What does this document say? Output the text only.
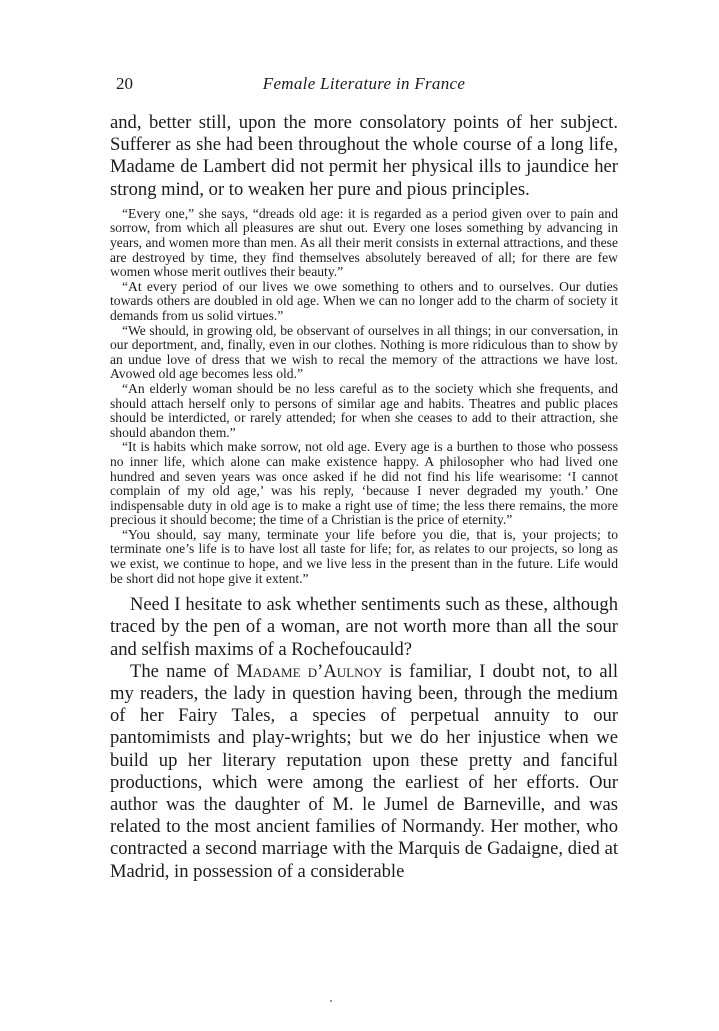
20	Female Literature in France

and, better still, upon the more consolatory points of her subject. Sufferer as she had been throughout the whole course of a long life, Madame de Lambert did not permit her physical ills to jaundice her strong mind, or to weaken her pure and pious principles.

“Every one,” she says, “dreads old age: it is regarded as a period given over to pain and sorrow, from which all pleasures are shut out. Every one loses something by advancing in years, and women more than men. As all their merit consists in external attractions, and these are destroyed by time, they find themselves absolutely bereaved of all; for there are few women whose merit outlives their beauty.”

“At every period of our lives we owe something to others and to ourselves. Our duties towards others are doubled in old age. When we can no longer add to the charm of society it demands from us solid virtues.”

“We should, in growing old, be observant of ourselves in all things; in our conversation, in our deportment, and, finally, even in our clothes. Nothing is more ridiculous than to show by an undue love of dress that we wish to recal the memory of the attractions we have lost. Avowed old age becomes less old.”

“An elderly woman should be no less careful as to the society which she frequents, and should attach herself only to persons of similar age and habits. Theatres and public places should be interdicted, or rarely attended; for when she ceases to add to their attraction, she should abandon them.”

“It is habits which make sorrow, not old age. Every age is a burthen to those who possess no inner life, which alone can make existence happy. A philosopher who had lived one hundred and seven years was once asked if he did not find his life wearisome: ‘I cannot complain of my old age,’ was his reply, ‘because I never degraded my youth.’ One indispensable duty in old age is to make a right use of time; the less there remains, the more precious it should become; the time of a Christian is the price of eternity.”

“You should, say many, terminate your life before you die, that is, your projects; to terminate one’s life is to have lost all taste for life; for, as relates to our projects, so long as we exist, we continue to hope, and we live less in the present than in the future. Life would be short did not hope give it extent.”

Need I hesitate to ask whether sentiments such as these, although traced by the pen of a woman, are not worth more than all the sour and selfish maxims of a Rochefoucauld?

The name of Madame d’Aulnoy is familiar, I doubt not, to all my readers, the lady in question having been, through the medium of her Fairy Tales, a species of perpetual annuity to our pantomimists and play-wrights; but we do her injustice when we build up her literary reputation upon these pretty and fanciful productions, which were among the earliest of her efforts. Our author was the daughter of M. le Jumel de Barneville, and was related to the most ancient families of Normandy. Her mother, who contracted a second marriage with the Marquis de Gadaigne, died at Madrid, in possession of a considerable
